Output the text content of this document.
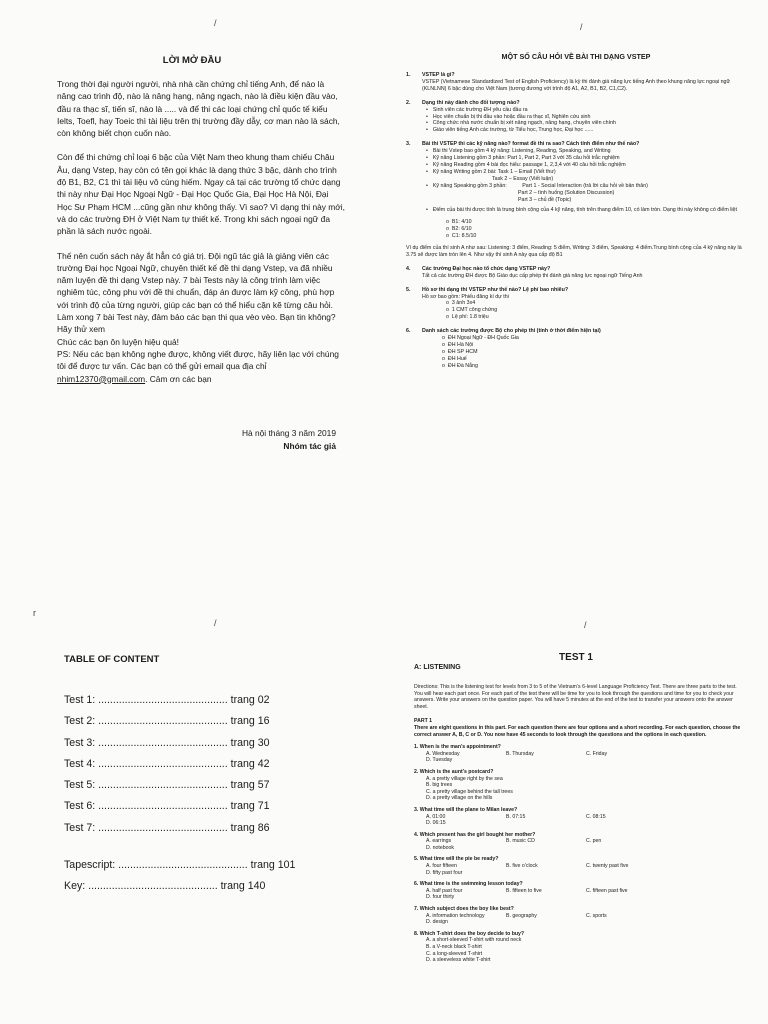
/
LỜI MỞ ĐẦU

Trong thời đại người người, nhà nhà cần chứng chỉ tiếng Anh, để nào là nâng cao trình độ, nào là nâng hạng, nâng ngạch, nào là điều kiện đầu vào, đầu ra thạc sĩ, tiến sĩ, nào là ..... và để thi các loại chứng chỉ quốc tế kiểu Ielts, Toefl, hay Toeic thì tài liệu trên thị trường đầy dẫy, cơ man nào là sách, còn không biết chọn cuốn nào.

Còn để thi chứng chỉ loại 6 bậc của Việt Nam theo khung tham chiếu Châu Âu, dạng Vstep, hay còn có tên gọi khác là dạng thức 3 bậc, dành cho trình độ B1, B2, C1 thì tài liệu vô cùng hiếm. Ngay cả tại các trường tổ chức dạng thi này như Đại Học Ngoại Ngữ - Đại Học Quốc Gia, Đại Học Hà Nội, Đại Học Sư Phạm HCM ...cũng gần như không thấy. Vì sao? Vì dạng thi này mới, và do các trường ĐH ở Việt Nam tự thiết kế. Trong khi sách ngoại ngữ đa phần là sách nước ngoài.

Thế nên cuốn sách này ắt hẳn có giá trị. Đội ngũ tác giả là giảng viên các trường Đại học Ngoại Ngữ, chuyên thiết kế đề thi dạng Vstep, va đã nhiều năm luyện đề thi dạng Vstep này. 7 bài Tests này là công trình làm việc nghiêm túc, công phu với đề thi chuẩn, đáp án được làm kỹ công, phù hợp với trình độ của từng người, giúp các bạn có thể hiểu cặn kẽ từng câu hỏi.

Làm xong 7 bài Test này, đảm bảo các bạn thi qua vèo vèo. Bạn tin không? Hãy thử xem

Chúc các bạn ôn luyện hiệu quả!

PS: Nếu các bạn không nghe được, không viết được, hãy liên lạc với chúng tôi để được tư vấn. Các bạn có thể gửi email qua địa chỉ nhim12370@gmail.com. Cảm ơn các bạn

Hà nội tháng 3 năm 2019
Nhóm tác giả
/
MỘT SỐ CÂU HỎI VỀ BÀI THI DẠNG VSTEP
1.	VSTEP là gì?
VSTEP (Vietnamese Standardized Test of English Proficiency) là kỳ thi đánh giá năng lực tiếng Anh theo khung năng lực ngoại ngữ (KLNLNN) 6 bậc dùng cho Việt Nam (tương đương với trình độ A1, A2, B1, B2, C1,C2).
2.	Dạng thi này dành cho đối tượng nào?
• Sinh viên các trường ĐH yêu cầu đầu ra
• Học viên chuẩn bị thi đầu vào hoặc đầu ra thạc sĩ, Nghiên cứu sinh
• Công chức nhà nước chuẩn bị xét nâng ngạch, nâng hạng, chuyên viên chính
• Giáo viên tiếng Anh các trường, từ Tiểu học, Trung học, Đại học ......
3.	Bài thi VSTEP thi các kỹ năng nào? format đề thi ra sao? Cách tính điểm như thế nào?
• Bài thi Vstep bao gồm 4 kỹ năng: Listening, Reading, Speaking, and Writing
• Kỹ năng Listening gồm 3 phần: Part 1, Part 2, Part 3 với 35 câu hỏi trắc nghiệm
• Kỹ năng Reading gồm 4 bài đọc hiểu: passage 1, 2,3,4 với 40 câu hỏi trắc nghiệm
• Kỹ năng Writing gồm 2 bài: Task 1 – Email (Viết thư)
Task 2 – Essay (Viết luận)
• Kỹ năng Speaking gồm 3 phần:	Part 1 - Social Interaction (trả lời câu hỏi về bản thân)
Part 2 – tình huống (Solution Discussion)
Part 3 – chủ đề (Topic)
• Điểm của bài thi được tính là trung bình cộng của 4 kỹ năng, tính trên thang điểm 10, có làm tròn. Dạng thi này không có điểm liệt
o  B1: 4/10
o  B2: 6/10
o  C1: 8.5/10
Ví dụ điểm của thí sinh A như sau: Listening: 3 điểm, Reading: 5 điểm, Writing: 3 điểm, Speaking: 4 điểm.Trung bình cộng của 4 kỹ năng này là 3.75 sẽ được làm tròn lên 4. Như vậy thí sinh A này qua cấp độ B1
4.	Các trường Đại học nào tổ chức dạng VSTEP này?
Tất cả các trường ĐH được Bộ Giáo dục cấp phép thi đánh giá năng lực ngoại ngữ Tiếng Anh
5.	Hồ sơ thi dạng thi VSTEP như thế nào? Lệ phí bao nhiêu?
Hồ sơ bao gồm: Phiếu đăng kí dự thi
o  3 ảnh 3x4
o  1 CMT công chứng
o  Lệ phí: 1.8 triệu
6.	Danh sách các trường được Bộ cho phép thi (tính ở thời điểm hiện tại)
o  ĐH Ngoại Ngữ - ĐH Quốc Gia
o  ĐH Hà Nội
o  ĐH SP HCM
o  ĐH Huế
o  ĐH Đà Nẵng
r
/
TABLE OF CONTENT
Test 1: ............................................ trang 02
Test 2: ............................................ trang 16
Test 3: ............................................ trang 30
Test 4: ............................................ trang 42
Test 5: ............................................ trang 57
Test 6: ............................................ trang 71
Test 7: ............................................ trang 86
Tapescript: ............................................ trang 101
Key: ............................................ trang 140
/
TEST 1
A: LISTENING

Directions: This is the listening test for levels from 3 to 5 of the Vietnam’s 6-level Language Proficiency Test. There are three parts to the test. You will hear each part once. For each part of the test there will be time for you to look through the questions and time for you to check your answers. Write your answers on the question paper. You will have 5 minutes at the end of the test to transfer your answers onto the answer sheet.

PART 1

There are eight questions in this part. For each question there are four options and a short recording. For each question, choose the correct answer A, B, C or D. You now have 45 seconds to look through the questions and the options in each question.

1. When is the man’s appointment?
A. Wednesday	B. Thursday	C. Friday
D. Tuesday
2. Which is the aunt’s postcard?
A. a pretty village right by the sea
B. big trees
C. a pretty village behind the tall trees
D. a pretty village on the hills
3. What time will the plane to Milan leave?
A. 01:00	B. 07:15	C. 08:15
D. 06:15
4. Which present has the girl bought her mother?
A. earrings	B. music CD	C. pen
D. notebook
5. What time will the pie be ready?
A. four fifteen	B. five o’clock	C. twenty past five
D. fifty past four
6. What time is the swimming lesson today?
A. half past four	B. fifteen to five	C. fifteen past five
D. four thirty
7. Which subject does the boy like best?
A. information technology	B. geography	C. sports
D. design
8. Which T-shirt does the boy decide to buy?
A. a short-sleeved T-shirt with round neck
B. a V-neck black T-shirt
C. a long-sleeved T-shirt
D. a sleeveless white T-shirt
